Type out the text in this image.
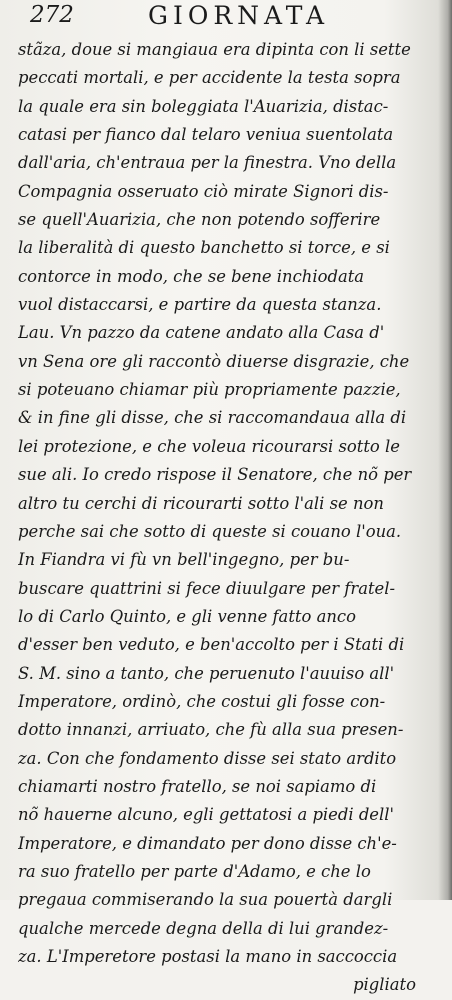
272	GIORNATA
stãza, doue si mangiaua era dipinta con li sette
peccati mortali, e per accidente la testa sopra
la quale era sin boleggiata l'Auarizia, distac-
catasi per fianco dal telaro veniua suentolata
dall'aria, ch'entraua per la finestra. Vno della
Compagnia osseruato ciò mirate Signori dis-
se quell'Auarizia, che non potendo sofferire
la liberalità di questo banchetto si torce, e si
contorce in modo, che se bene inchiodata
vuol distaccarsi, e partire da questa stanza.
Lau. Vn pazzo da catene andato alla Casa d'
vn Sena ore gli raccontò diuerse disgrazie, che
si poteuano chiamar più propriamente pazzie,
& in fine gli disse, che si raccomandaua alla di
lei protezione, e che voleua ricourarsi sotto le
sue ali. Io credo rispose il Senatore, che nõ per
altro tu cerchi di ricourarti sotto l'ali se non
perche sai che sotto di queste si couano l'oua.
In Fiandra vi fù vn bell'ingegno, per bu-
buscare quattrini si fece diuulgare per fratel-
lo di Carlo Quinto, e gli venne fatto anco
d'esser ben veduto, e ben'accolto per i Stati di
S. M. sino a tanto, che peruenuto l'auuiso all'
Imperatore, ordinò, che costui gli fosse con-
dotto innanzi, arriuato, che fù alla sua presen-
za. Con che fondamento disse sei stato ardito
chiamarti nostro fratello, se noi sapiamo di
nõ hauerne alcuno, egli gettatosi a piedi dell'
Imperatore, e dimandato per dono disse ch'e-
ra suo fratello per parte d'Adamo, e che lo
pregaua commiserando la sua pouertà dargli
qualche mercede degna della di lui grandez-
za. L'Imperetore postasi la mano in saccoccia
pigliato
